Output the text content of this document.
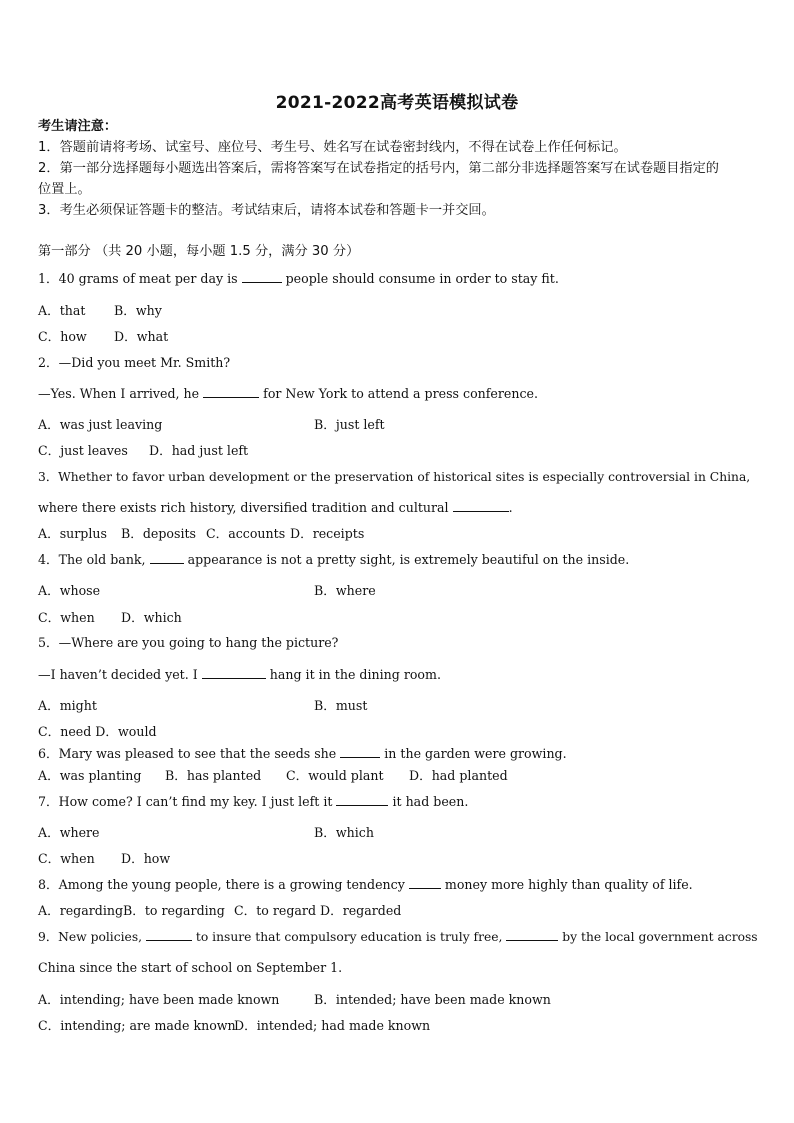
2021-2022高考英语模拟试卷
考生请注意：
1．答题前请将考场、试室号、座位号、考生号、姓名写在试卷密封线内，不得在试卷上作任何标记。
2．第一部分选择题每小题选出答案后，需将答案写在试卷指定的括号内，第二部分非选择题答案写在试卷题目指定的
位置上。
3．考生必须保证答题卡的整洁。考试结束后，请将本试卷和答题卡一并交回。
第一部分 （共 20 小题，每小题 1.5 分，满分 30 分）
1．40 grams of meat per day is	people should consume in order to stay fit.
A．that B．why
C．how D．what
2．—Did you meet Mr. Smith?
—Yes. When I arrived, he	for New York to attend a press conference.
A．was just leaving	B．just left
C．just leaves D．had just left
3．Whether to favor urban development or the preservation of historical sites is especially controversial in China,
where there exists rich history, diversified tradition and cultural	.
A．surplus B．deposits C．accounts D．receipts
4．The old bank,	appearance is not a pretty sight, is extremely beautiful on the inside.
A．whose	B．where
C．when D．which
5．—Where are you going to hang the picture?
—I haven’t decided yet. I	hang it in the dining room.
A．might	B．must
C．need D．would
6．Mary was pleased to see that the seeds she	in the garden were growing.
A．was planting B．has planted C．would plant D．had planted
7．How come? I can’t find my key. I just left it	it had been.
A．where	B．which
C．when D．how
8．Among the young people, there is a growing tendency	money more highly than quality of life.
A．regardingB．to regarding C．to regard D．regarded
9．New policies,	to insure that compulsory education is truly free,	by the local government across
China since the start of school on September 1.
A．intending; have been made known	B．intended; have been made known
C．intending; are made known
D．intended; had made known
